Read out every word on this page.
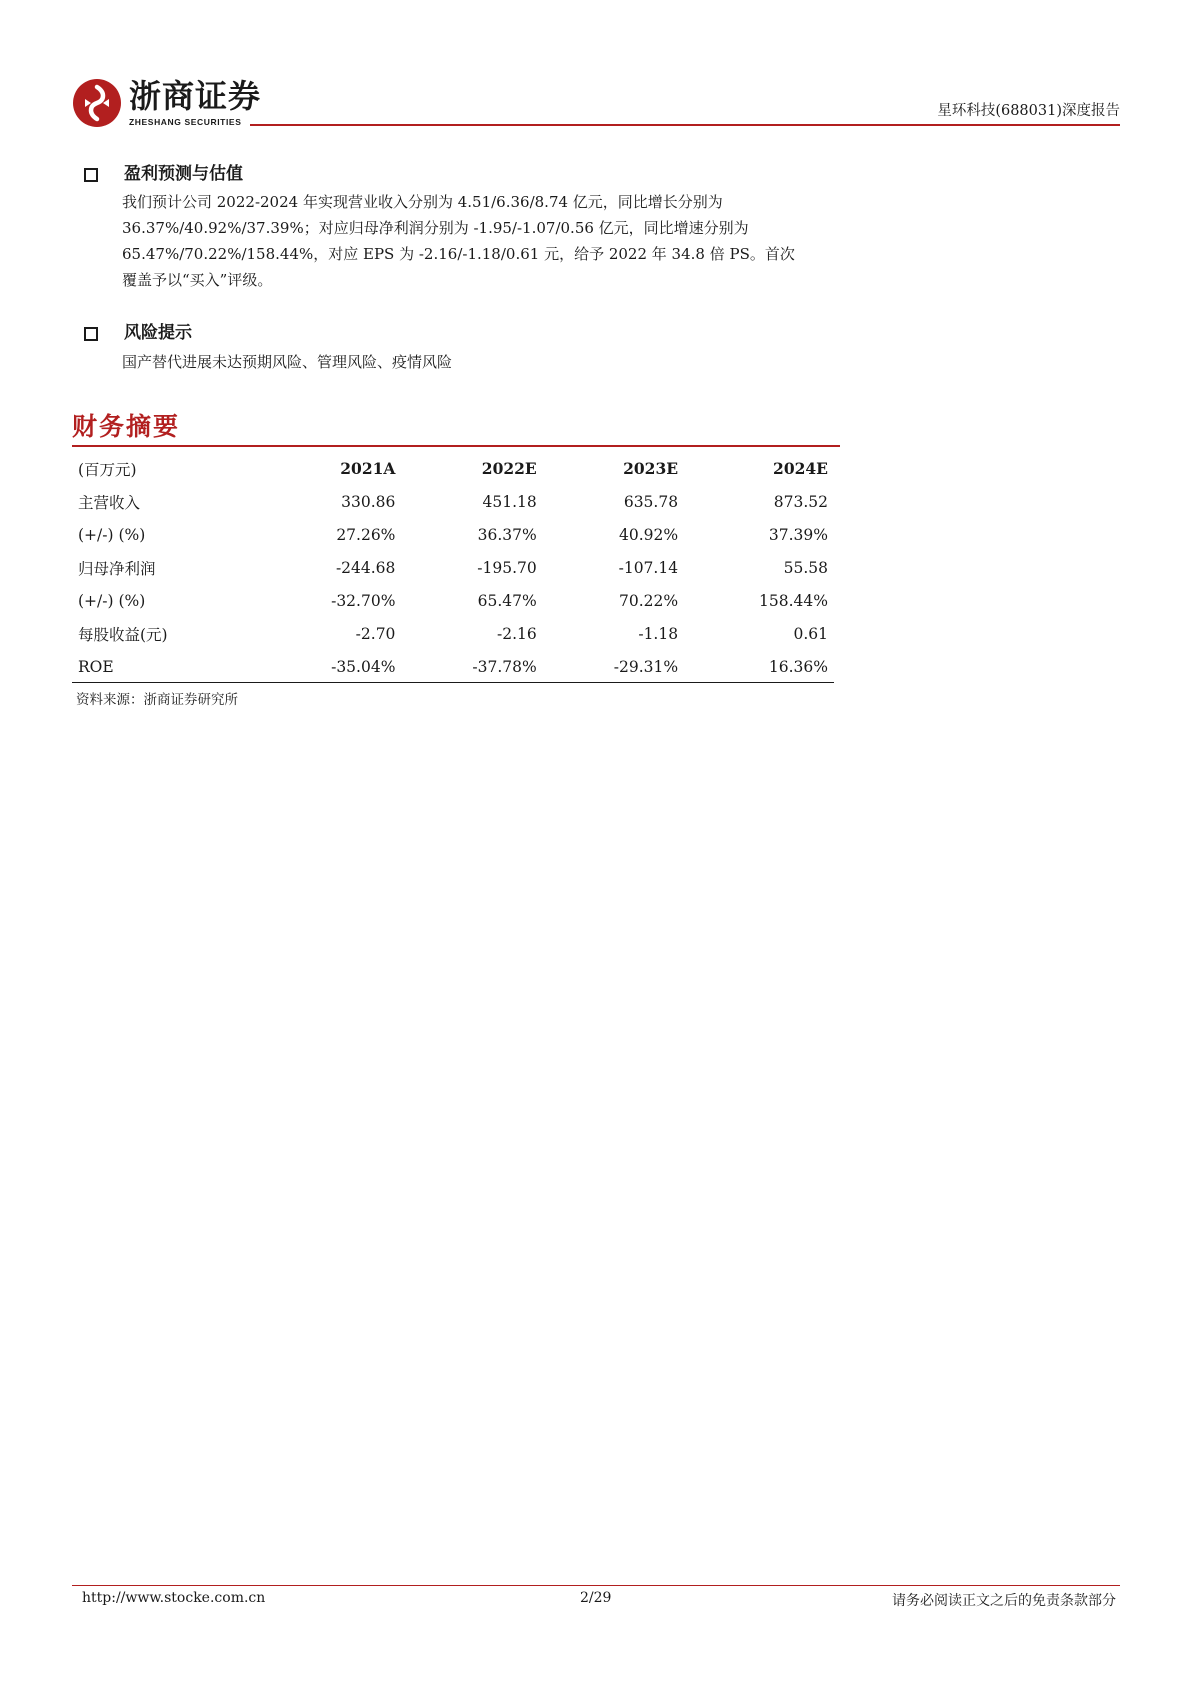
浙商证券
ZHESHANG SECURITIES
星环科技(688031)深度报告
盈利预测与估值
我们预计公司 2022-2024 年实现营业收入分别为 4.51/6.36/8.74 亿元，同比增长分别为
36.37%/40.92%/37.39%；对应归母净利润分别为 -1.95/-1.07/0.56 亿元，同比增速分别为
65.47%/70.22%/158.44%，对应 EPS 为 -2.16/-1.18/0.61 元，给予 2022 年 34.8 倍 PS。首次
覆盖予以“买入”评级。
风险提示
国产替代进展未达预期风险、管理风险、疫情风险
财务摘要
(百万元)	2021A	2022E	2023E	2024E
主营收入	330.86	451.18	635.78	873.52
(+/-) (%)	27.26%	36.37%	40.92%	37.39%
归母净利润	-244.68	-195.70	-107.14	55.58
(+/-) (%)	-32.70%	65.47%	70.22%	158.44%
每股收益(元)	-2.70	-2.16	-1.18	0.61
ROE	-35.04%	-37.78%	-29.31%	16.36%
资料来源：浙商证券研究所
http://www.stocke.com.cn	2/29	请务必阅读正文之后的免责条款部分
